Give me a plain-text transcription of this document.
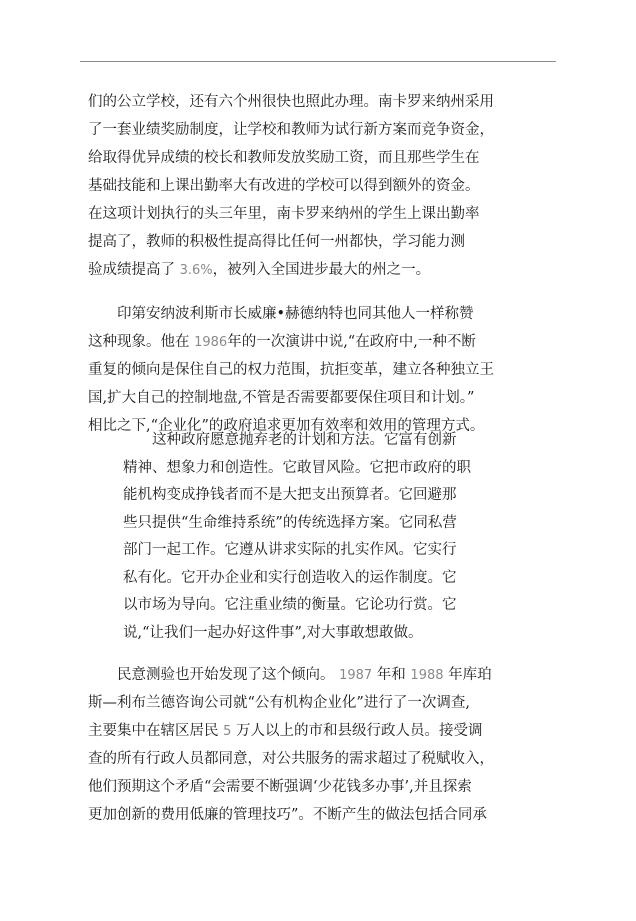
们的公立学校，还有六个州很快也照此办理。南卡罗来纳州采用
了一套业绩奖励制度，让学校和教师为试行新方案而竞争资金，
给取得优异成绩的校长和教师发放奖励工资，而且那些学生在
基础技能和上课出勤率大有改进的学校可以得到额外的资金。
在这项计划执行的头三年里，南卡罗来纳州的学生上课出勤率
提高了，教师的积极性提高得比任何一州都快，学习能力测
验成绩提高了 3.6%，被列入全国进步最大的州之一。
印第安纳波利斯市长威廉•赫德纳特也同其他人一样称赞
这种现象。他在 1986年的一次演讲中说,“在政府中,一种不断
重复的倾向是保住自己的权力范围，抗拒变革，建立各种独立王
国,扩大自己的控制地盘,不管是否需要都要保住项目和计划。”
相比之下,“企业化”的政府追求更加有效率和效用的管理方式。
这种政府愿意抛弃老的计划和方法。它富有创新
精神、想象力和创造性。它敢冒风险。它把市政府的职
能机构变成挣钱者而不是大把支出预算者。它回避那
些只提供“生命维持系统”的传统选择方案。它同私营
部门一起工作。它遵从讲求实际的扎实作风。它实行
私有化。它开办企业和实行创造收入的运作制度。它
以市场为导向。它注重业绩的衡量。它论功行赏。它
说,“让我们一起办好这件事”,对大事敢想敢做。
民意测验也开始发现了这个倾向。 1987 年和 1988 年库珀
斯—利布兰德咨询公司就“公有机构企业化”进行了一次调查,
主要集中在辖区居民 5 万人以上的市和县级行政人员。接受调
查的所有行政人员都同意，对公共服务的需求超过了税赋收入，
他们预期这个矛盾“会需要不断强调‘少花钱多办事’,并且探索
更加创新的费用低廉的管理技巧”。不断产生的做法包括合同承
